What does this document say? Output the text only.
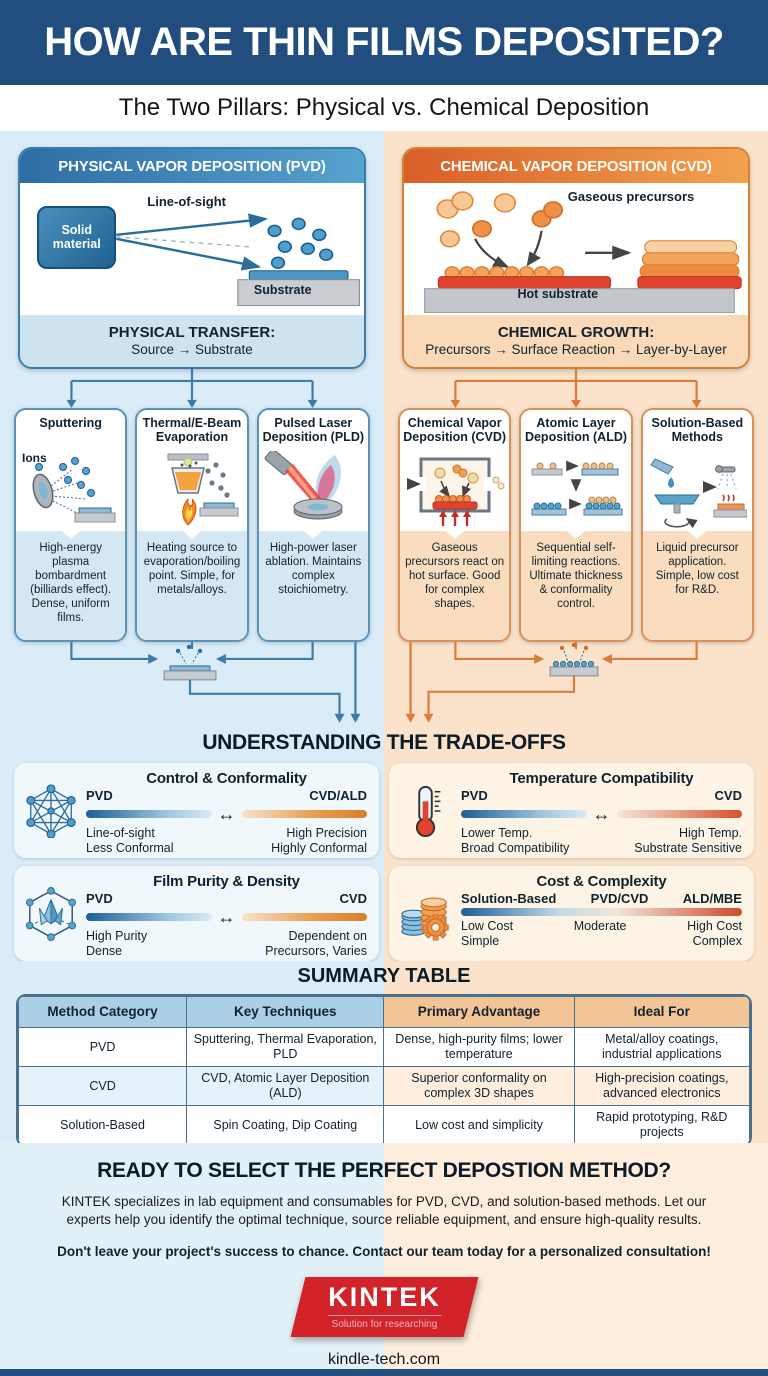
HOW ARE THIN FILMS DEPOSITED?
The Two Pillars: Physical vs. Chemical Deposition
PHYSICAL VAPOR DEPOSITION (PVD)
Solid material
Line-of-sight
Substrate
PHYSICAL TRANSFER:
Source → Substrate
Sputtering
Ions
High-energy plasma bombardment (billiards effect). Dense, uniform films.
Thermal/E-Beam Evaporation
Heating source to evaporation/boiling point. Simple, for metals/alloys.
Pulsed Laser Deposition (PLD)
High-power laser ablation. Maintains complex stoichiometry.
CHEMICAL VAPOR DEPOSITION (CVD)
Gaseous precursors
Hot substrate
CHEMICAL GROWTH:
Precursors → Surface Reaction → Layer-by-Layer
Chemical Vapor Deposition (CVD)
Gaseous precursors react on hot surface. Good for complex shapes.
Atomic Layer Deposition (ALD)
Sequential self-limiting reactions. Ultimate thickness & conformality control.
Solution-Based Methods
Liquid precursor application. Simple, low cost for R&D.
UNDERSTANDING THE TRADE-OFFS
Control & Conformality
PVD	CVD/ALD
↔
Line-of-sight
Less Conformal
High Precision
Highly Conformal
Temperature Compatibility
PVD	CVD
↔
Lower Temp.
Broad Compatibility
High Temp.
Substrate Sensitive
Film Purity & Density
PVD	CVD
↔
High Purity
Dense
Dependent on
Precursors, Varies
Cost & Complexity
Solution-Based	PVD/CVD	ALD/MBE
Low Cost
Simple
Moderate	High Cost
Complex
SUMMARY TABLE
Method Category	Key Techniques	Primary Advantage	Ideal For
PVD	Sputtering, Thermal Evaporation, PLD	Dense, high-purity films; lower temperature	Metal/alloy coatings, industrial applications
CVD	CVD, Atomic Layer Deposition (ALD)	Superior conformality on complex 3D shapes	High-precision coatings, advanced electronics
Solution-Based	Spin Coating, Dip Coating	Low cost and simplicity	Rapid prototyping, R&D projects
READY TO SELECT THE PERFECT DEPOSTION METHOD?
KINTEK specializes in lab equipment and consumables for PVD, CVD, and solution-based methods. Let our experts help you identify the optimal technique, source reliable equipment, and ensure high-quality results.
Don't leave your project's success to chance. Contact our team today for a personalized consultation!
KINTEK
Solution for researching
kindle-tech.com
